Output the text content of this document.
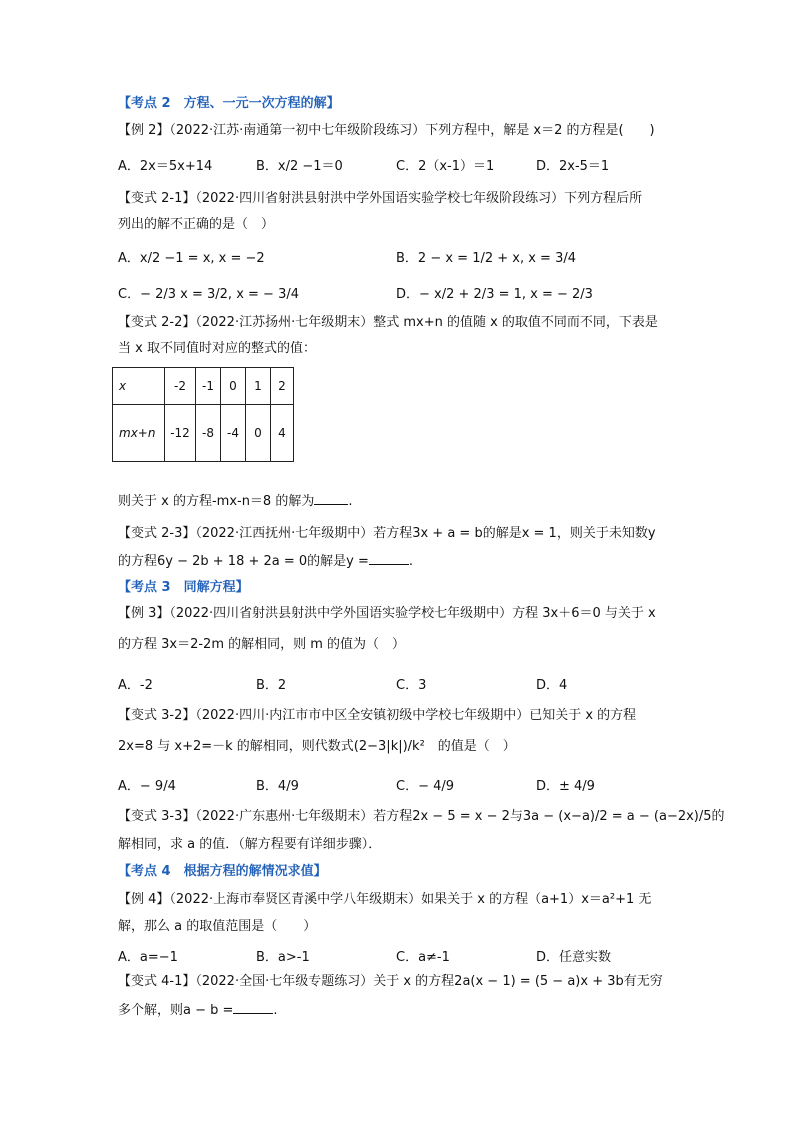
【考点 2　方程、一元一次方程的解】
【例 2】（2022·江苏·南通第一初中七年级阶段练习）下列方程中，解是 x＝2 的方程是(　　)
A．2x＝5x+14	B．x/2 −1＝0	C．2（x-1）＝1	D．2x-5＝1
【变式 2-1】（2022·四川省射洪县射洪中学外国语实验学校七年级阶段练习）下列方程后所
列出的解不正确的是（　）
A．x/2 −1 = x, x = −2	B．2 − x = 1/2 + x, x = 3/4
C．− 2/3 x = 3/2, x = − 3/4	D．− x/2 + 2/3 = 1, x = − 2/3
【变式 2-2】（2022·江苏扬州·七年级期末）整式 mx+n 的值随 x 的取值不同而不同，下表是
当 x 取不同值时对应的整式的值：
x	-2	-1	0	1	2
mx+n	-12	-8	-4	0	4
则关于 x 的方程-mx-n＝8 的解为	.
【变式 2-3】（2022·江西抚州·七年级期中）若方程3x + a = b的解是x = 1，则关于未知数y
的方程6y − 2b + 18 + 2a = 0的解是y =	.
【考点 3　同解方程】
【例 3】（2022·四川省射洪县射洪中学外国语实验学校七年级期中）方程 3x＋6＝0 与关于 x
的方程 3x＝2-2m 的解相同，则 m 的值为（　）
A．-2	B．2	C．3	D．4
【变式 3-2】（2022·四川·内江市市中区全安镇初级中学校七年级期中）已知关于 x 的方程
2x=8 与 x+2=－k 的解相同，则代数式(2−3|k|)/k²　的值是（　）
A．− 9/4	B．4/9	C．− 4/9	D．± 4/9
【变式 3-3】（2022·广东惠州·七年级期末）若方程2x − 5 = x − 2与3a − (x−a)/2 = a − (a−2x)/5的
解相同，求 a 的值．（解方程要有详细步骤）．
【考点 4　根据方程的解情况求值】
【例 4】（2022·上海市奉贤区青溪中学八年级期末）如果关于 x 的方程（a+1）x＝a²+1 无
解，那么 a 的取值范围是（　　）
A．a=−1	B．a>-1	C．a≠-1	D．任意实数
【变式 4-1】（2022·全国·七年级专题练习）关于 x 的方程2a(x − 1) = (5 − a)x + 3b有无穷
多个解，则a − b =	.
